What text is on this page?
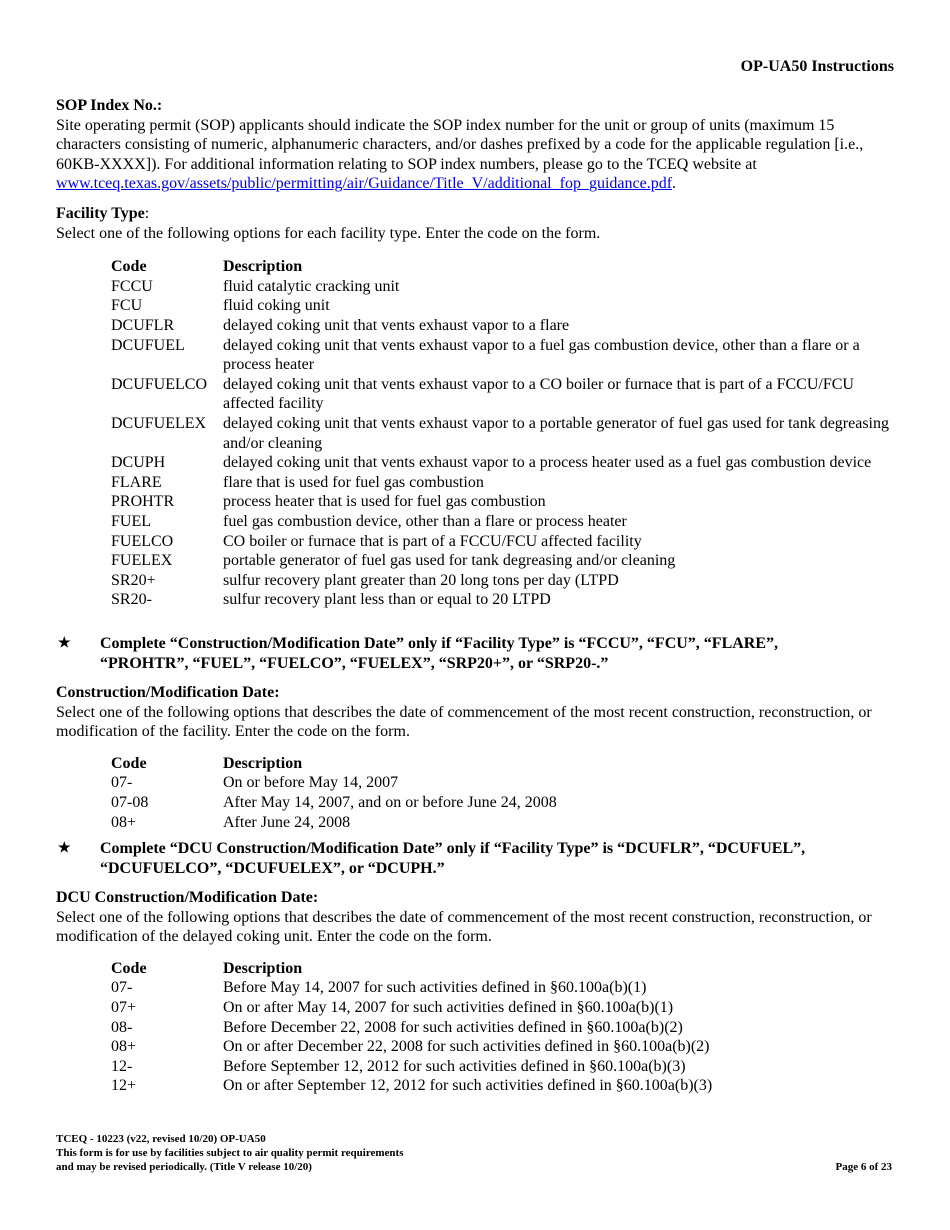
OP-UA50 Instructions
SOP Index No.:

Site operating permit (SOP) applicants should indicate the SOP index number for the unit or group of units (maximum 15 characters consisting of numeric, alphanumeric characters, and/or dashes prefixed by a code for the applicable regulation [i.e., 60KB-XXXX]). For additional information relating to SOP index numbers, please go to the TCEQ website at www.tceq.texas.gov/assets/public/permitting/air/Guidance/Title_V/additional_fop_guidance.pdf.

Facility Type:

Select one of the following options for each facility type. Enter the code on the form.

Code	Description
FCCU	fluid catalytic cracking unit
FCU	fluid coking unit
DCUFLR	delayed coking unit that vents exhaust vapor to a flare
DCUFUEL	delayed coking unit that vents exhaust vapor to a fuel gas combustion device, other than a flare or a process heater
DCUFUELCO	delayed coking unit that vents exhaust vapor to a CO boiler or furnace that is part of a FCCU/FCU affected facility
DCUFUELEX	delayed coking unit that vents exhaust vapor to a portable generator of fuel gas used for tank degreasing and/or cleaning
DCUPH	delayed coking unit that vents exhaust vapor to a process heater used as a fuel gas combustion device
FLARE	flare that is used for fuel gas combustion
PROHTR	process heater that is used for fuel gas combustion
FUEL	fuel gas combustion device, other than a flare or process heater
FUELCO	CO boiler or furnace that is part of a FCCU/FCU affected facility
FUELEX	portable generator of fuel gas used for tank degreasing and/or cleaning
SR20+	sulfur recovery plant greater than 20 long tons per day (LTPD
SR20-	sulfur recovery plant less than or equal to 20 LTPD
★	Complete “Construction/Modification Date” only if “Facility Type” is “FCCU”, “FCU”, “FLARE”, “PROHTR”, “FUEL”, “FUELCO”, “FUELEX”, “SRP20+”, or “SRP20-.”
Construction/Modification Date:

Select one of the following options that describes the date of commencement of the most recent construction, reconstruction, or modification of the facility. Enter the code on the form.

Code	Description
07-	On or before May 14, 2007
07-08	After May 14, 2007, and on or before June 24, 2008
08+	After June 24, 2008
★	Complete “DCU Construction/Modification Date” only if “Facility Type” is “DCUFLR”, “DCUFUEL”, “DCUFUELCO”, “DCUFUELEX”, or “DCUPH.”
DCU Construction/Modification Date:

Select one of the following options that describes the date of commencement of the most recent construction, reconstruction, or modification of the delayed coking unit. Enter the code on the form.

Code	Description
07-	Before May 14, 2007 for such activities defined in §60.100a(b)(1)
07+	On or after May 14, 2007 for such activities defined in §60.100a(b)(1)
08-	Before December 22, 2008 for such activities defined in §60.100a(b)(2)
08+	On or after December 22, 2008 for such activities defined in §60.100a(b)(2)
12-	Before September 12, 2012 for such activities defined in §60.100a(b)(3)
12+	On or after September 12, 2012 for such activities defined in §60.100a(b)(3)
TCEQ - 10223 (v22, revised 10/20) OP-UA50
This form is for use by facilities subject to air quality permit requirements
and may be revised periodically. (Title V release 10/20)	Page 6 of 23
